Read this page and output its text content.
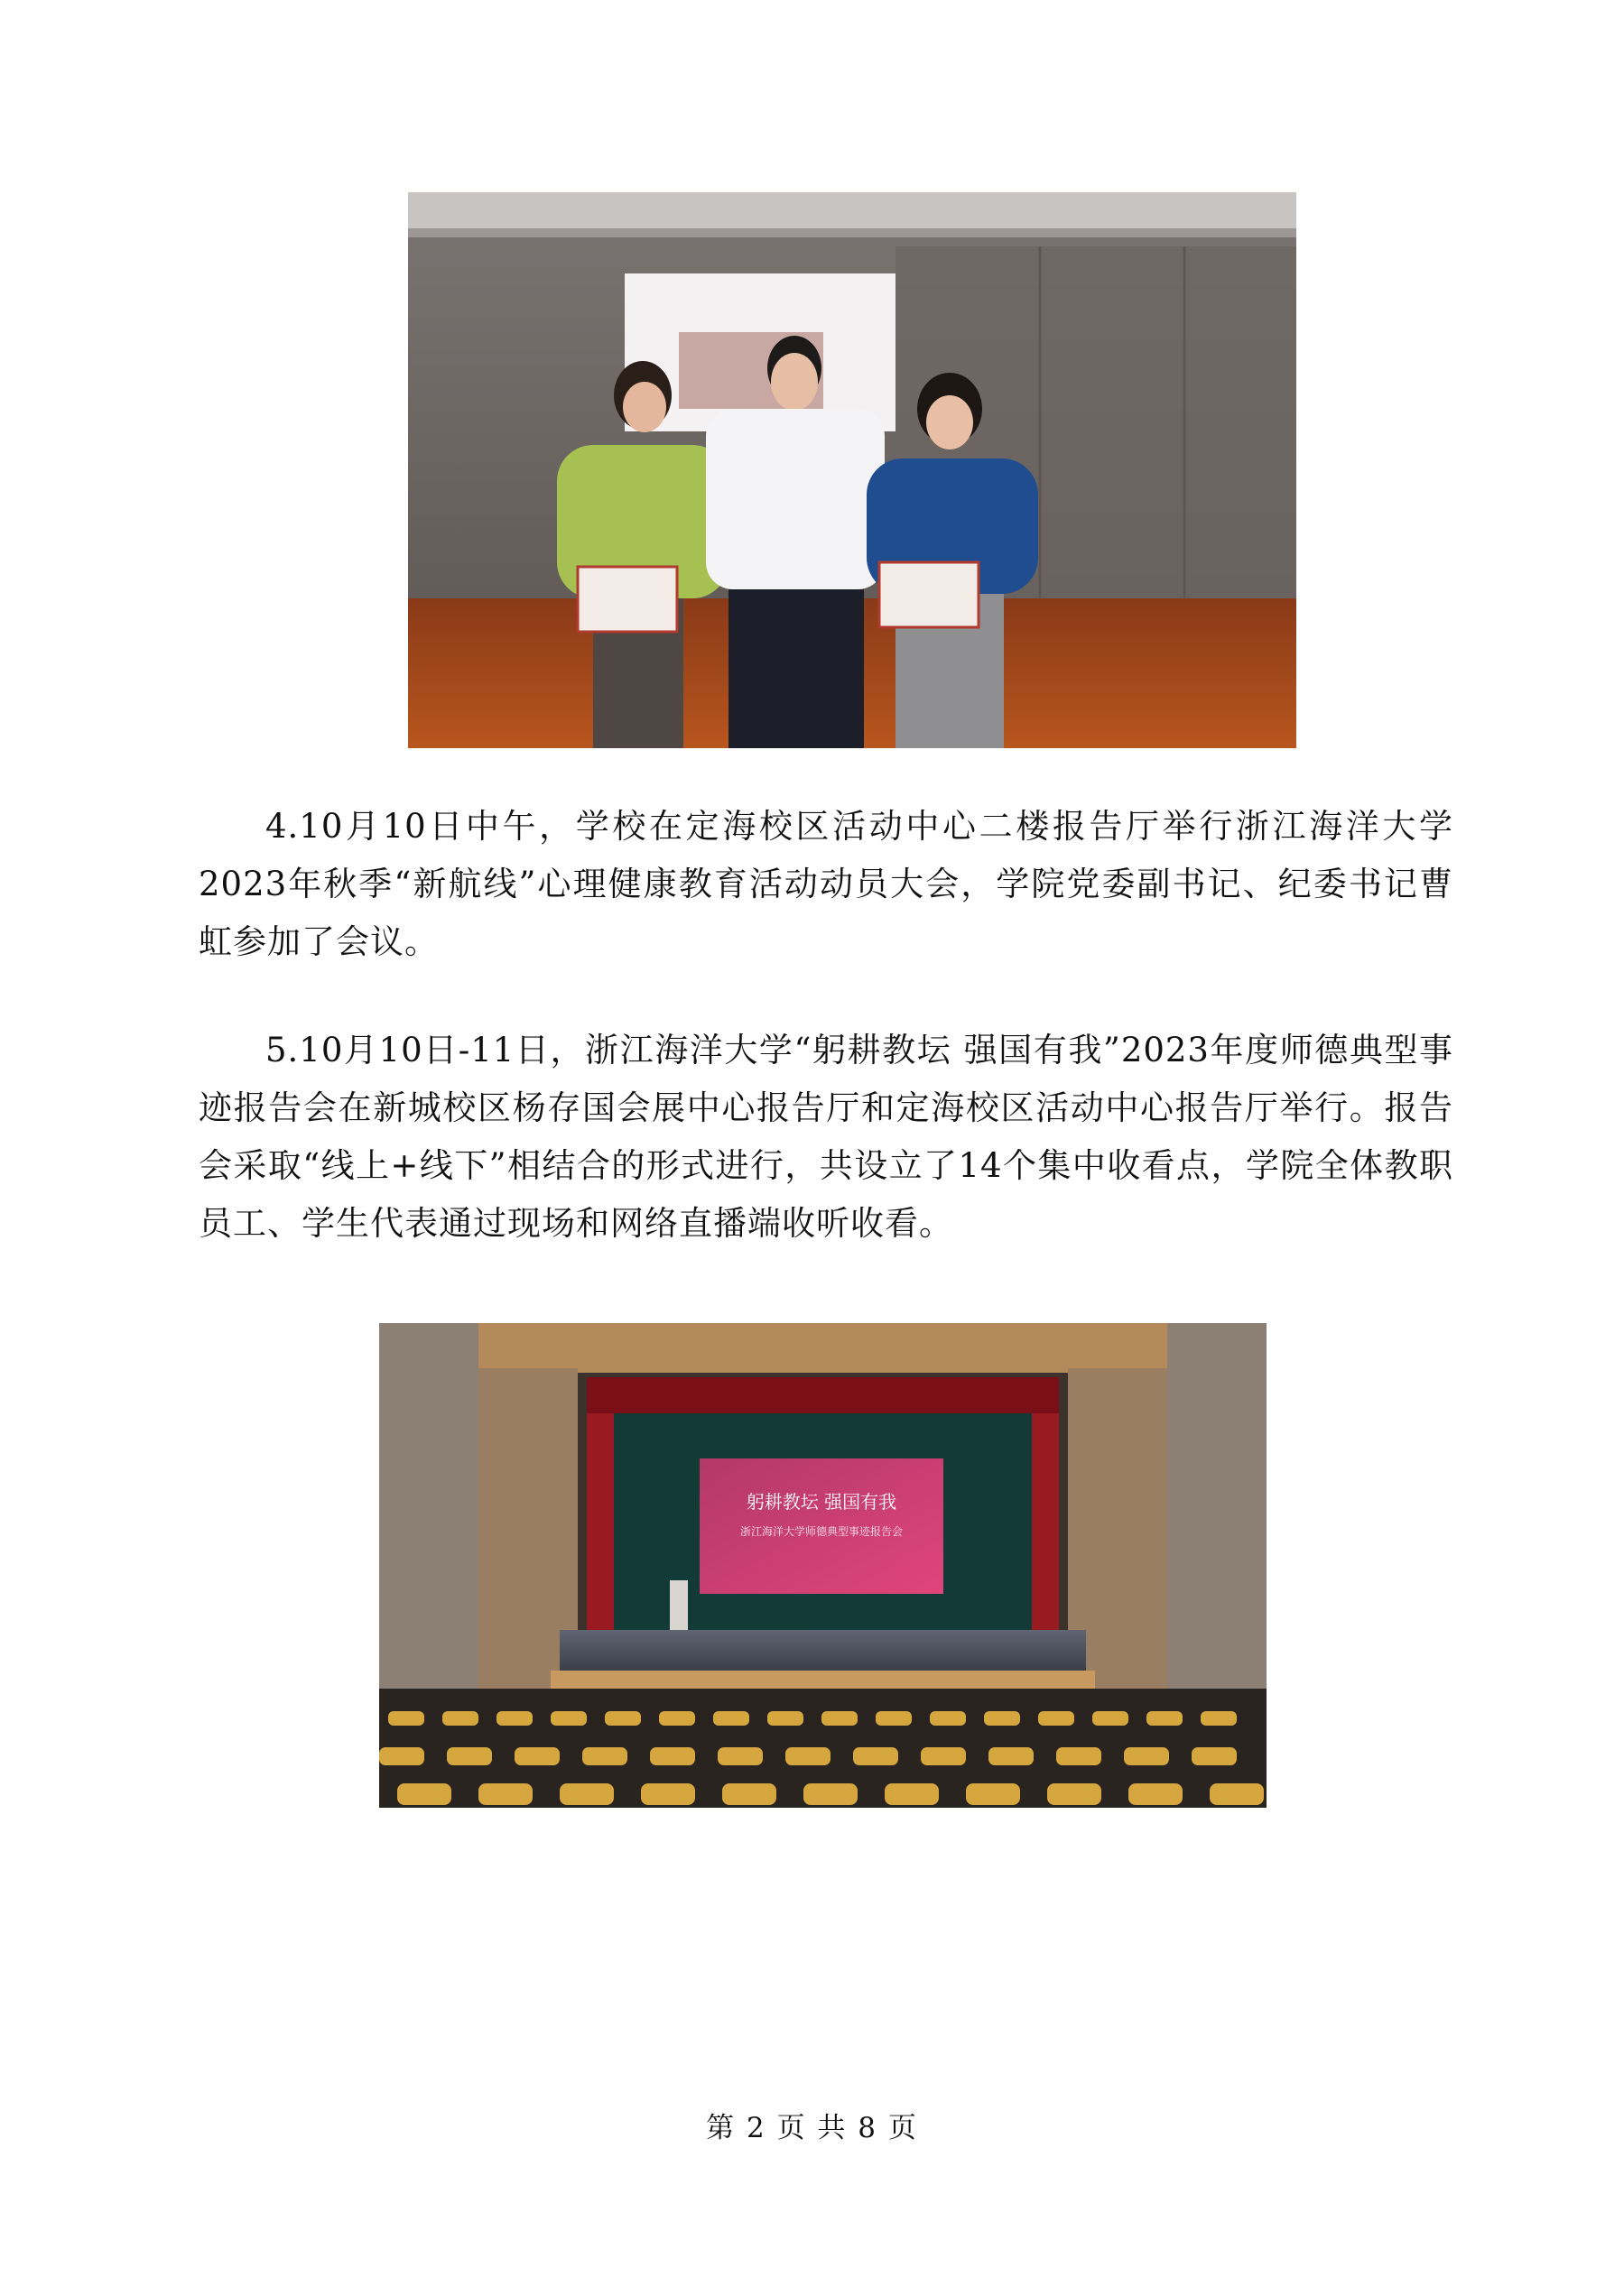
4.10月10日中午，学校在定海校区活动中心二楼报告厅举行浙江海洋大学2023年秋季“新航线”心理健康教育活动动员大会，学院党委副书记、纪委书记曹虹参加了会议。

5.10月10日-11日，浙江海洋大学“躬耕教坛 强国有我”2023年度师德典型事迹报告会在新城校区杨存国会展中心报告厅和定海校区活动中心报告厅举行。报告会采取“线上+线下”相结合的形式进行，共设立了14个集中收看点，学院全体教职员工、学生代表通过现场和网络直播端收听收看。

躬耕教坛 强国有我
浙江海洋大学师德典型事迹报告会
第 2 页 共 8 页
